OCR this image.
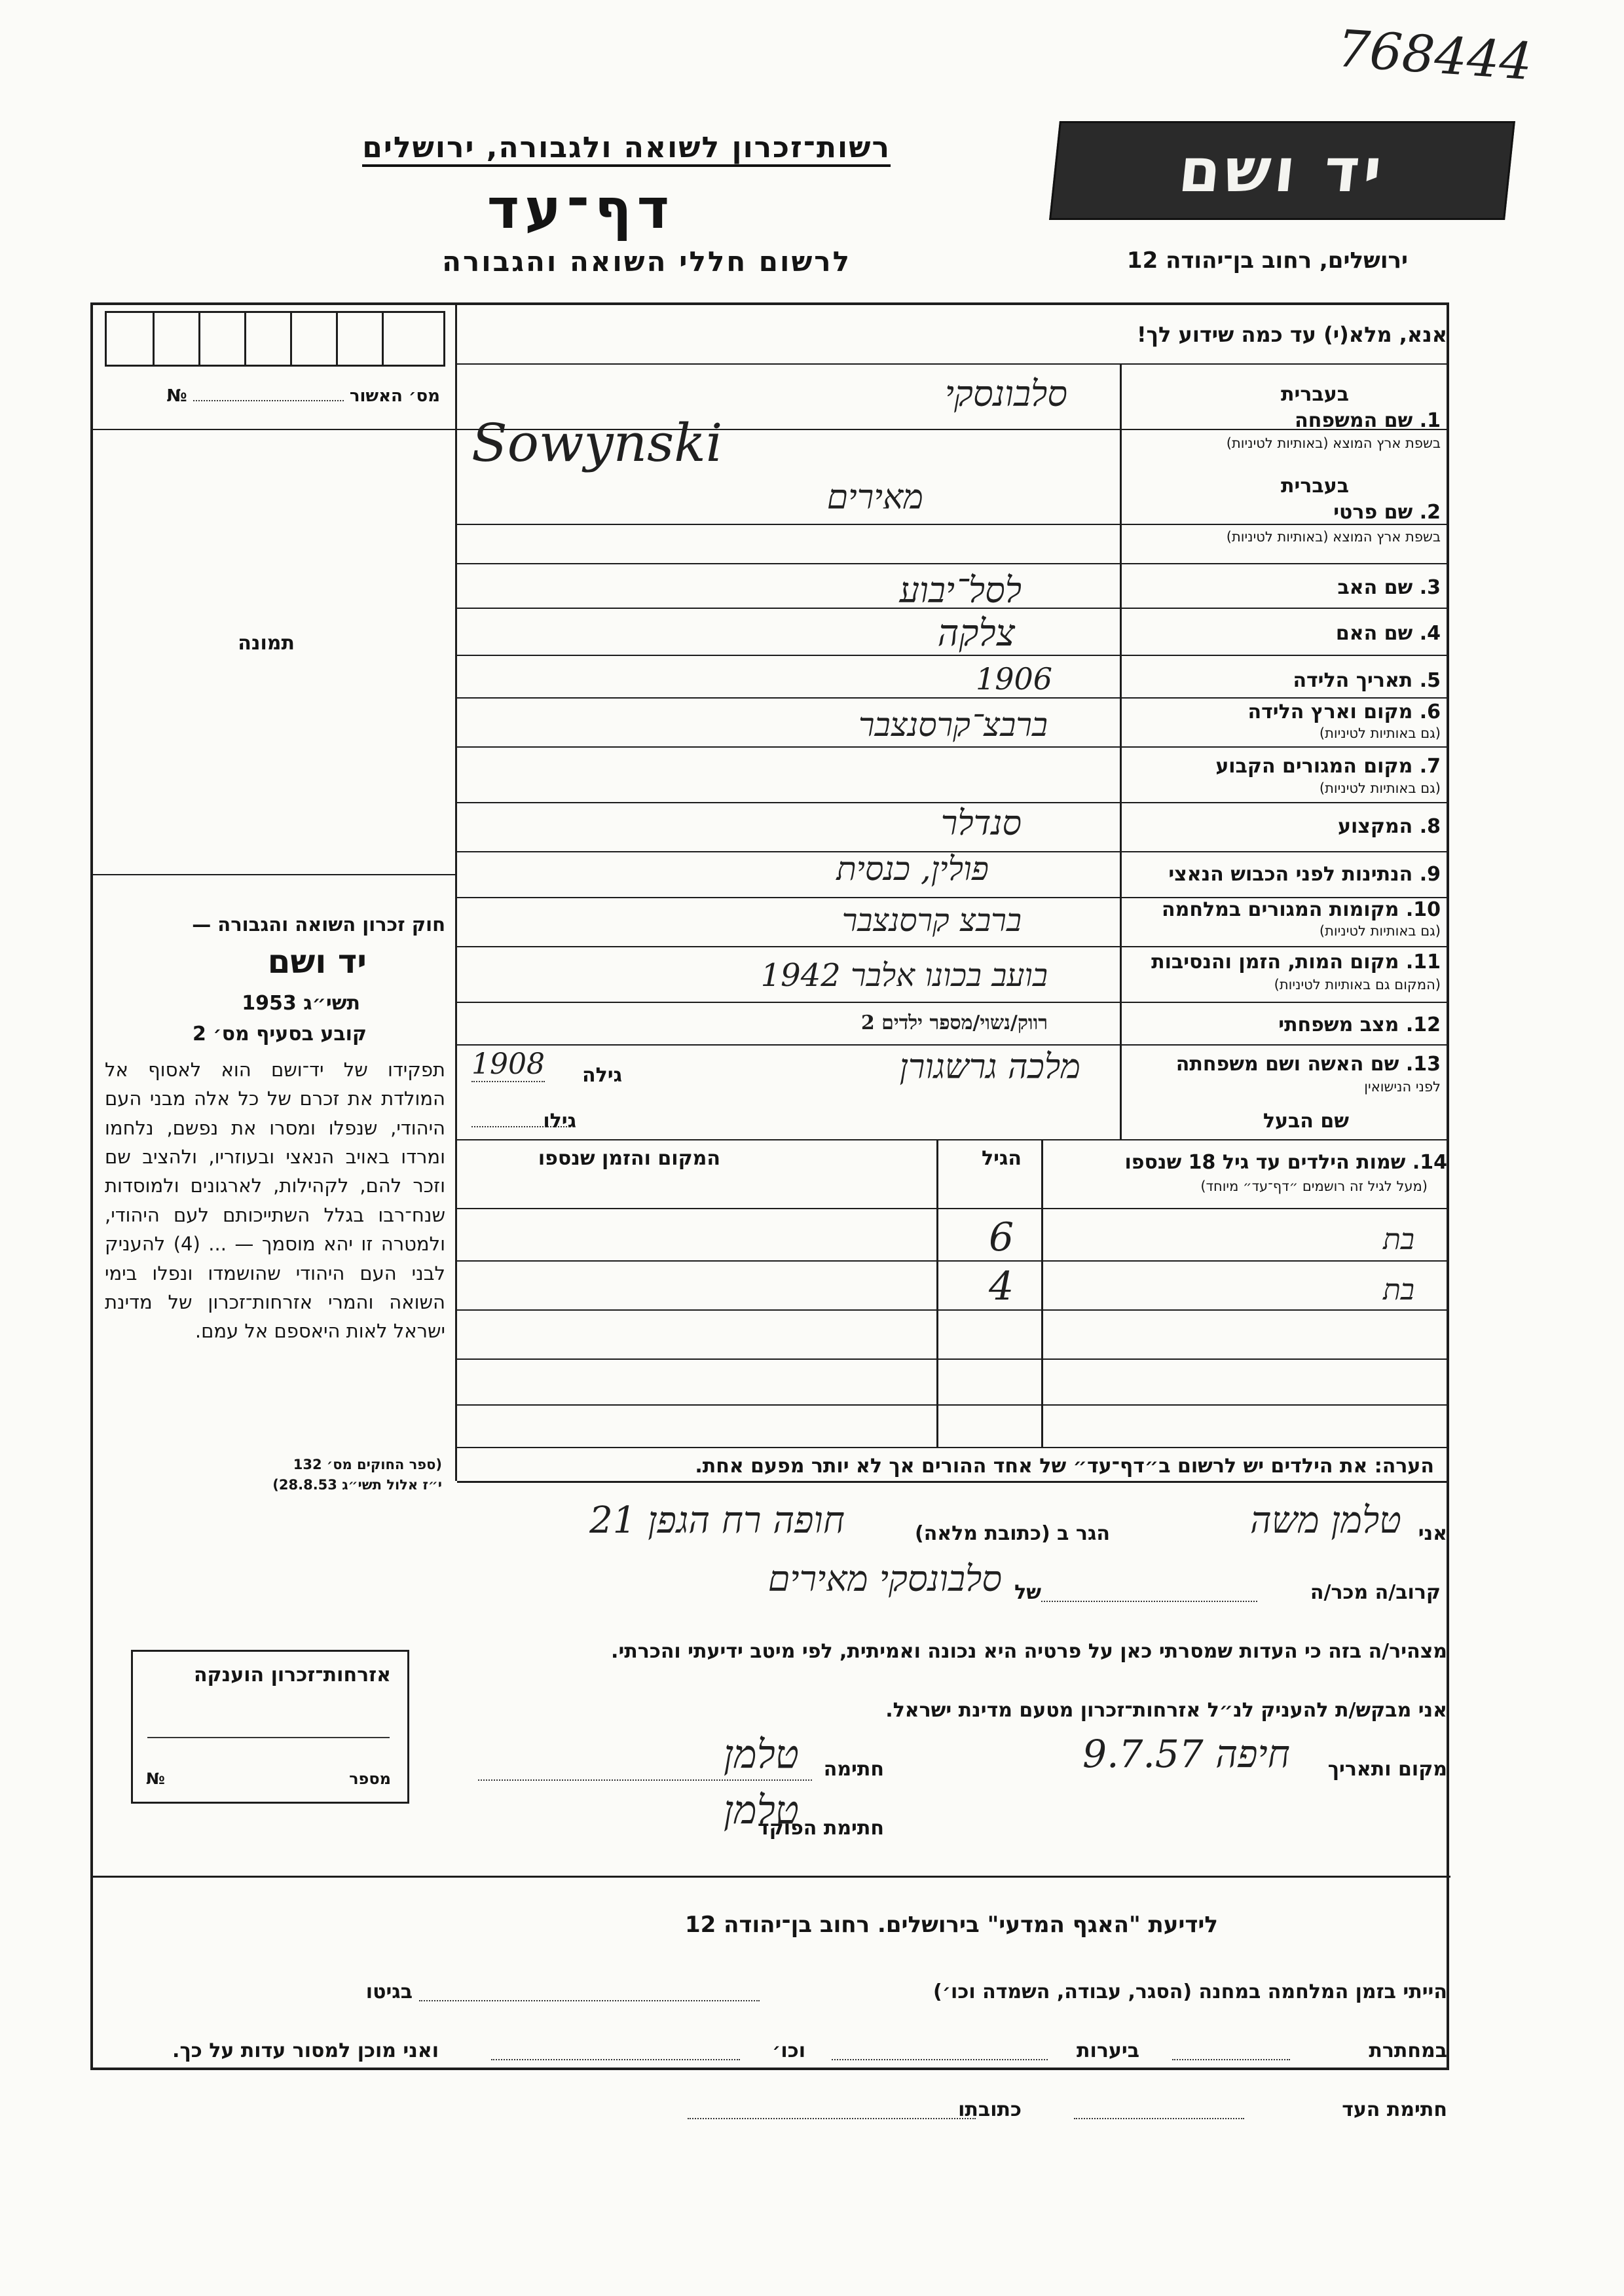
768444
רשות־זכרון לשואה ולגבורה, ירושלים
דף־עד
לרשום חללי השואה והגבורה
יד ושם
ירושלים, רחוב בן־יהודה 12
אנא, מלא(י) עד כמה שידוע לך!
מס׳ האשור  №
תמונה
חוק זכרון השואה והגבורה —
יד ושם
תשי״ג 1953
קובע בסעיף מס׳ 2
תפקידו של יד־ושם הוא לאסוף אל המולדת את זכרם של כל אלה מבני העם היהודי, שנפלו ומסרו את נפשם, נלחמו ומרדו באויב הנאצי ובעוזריו, ולהציב שם וזכר להם, לקהילות, לארגונים ולמוסדות שנח־רבו בגלל השתייכותם לעם היהודי, ולמטרה זו יהא מוסמך — ... (4) להעניק לבני העם היהודי שהושמדו ונפלו בימי השואה והמרי אזרחות־זכרון של מדינת ישראל לאות היאספם אל עמם.
(ספר החוקים מס׳ 132
י״ז אלול תשי״ג 28.8.53)
בעברית
1. שם המשפחה
בשפת ארץ המוצא (באותיות לטיניות)
סלבונסקי
Sowynski
בעברית
2. שם פרטי
בשפת ארץ המוצא (באותיות לטיניות)
מאירים
3. שם האב
לסל־יבוע
4. שם האם
צלקה
5. תאריך הלידה
1906
6. מקום וארץ הלידה
(גם באותיות לטיניות)
ברבצ־קרסנצבר
7. מקום המגורים הקבוע
(גם באותיות לטיניות)
8. המקצוע
סנדלר
9. הנתינות לפני הכבוש הנאצי
פולין, כנסית
10. מקומות המגורים במלחמה
(גם באותיות לטיניות)
ברבצ קרסנצבר
11. מקום המות, הזמן והנסיבות
(המקום גם באותיות לטיניות)
בועב בכונו אלבר 1942
12. מצב משפחתי
רווק/נשוי/מספר ילדים 2
13. שם האשה ושם משפחתה
לפני הנישואין
מלכה גרשגורן
גילה
1908
שם הבעל
גילו
14. שמות הילדים עד גיל 18 שנספו
(מעל לגיל זה רושמים ״דף־עד״ מיוחד)
הגיל
המקום והזמן שנספו
בת
6
בת
4
הערה: את הילדים יש לרשום ב״דף־עד״ של אחד ההורים אך לא יותר מפעם אחת.
אני
טלמן משה
הגר ב (כתובת מלאה)
חופה רח הגפן 21
קרוב/ה מכר/ה
של
סלבונסקי מאירים
מצהיר/ה בזה כי העדות שמסרתי כאן על פרטיה היא נכונה ואמיתית, לפי מיטב ידיעתי והכרתי.
אני מבקש/ת להעניק לנ״ל אזרחות־זכרון מטעם מדינת ישראל.
מקום ותאריך
חיפה 9.7.57
חתימה
טלמן
חתימת הפוקד
טלמן
אזרחות־זכרון הוענקה
מספר
№
לידיעת "האגף המדעי" בירושלים. רחוב בן־יהודה 12
הייתי בזמן המלחמה במחנה (הסגר, עבודה, השמדה וכו׳)
בגיטו
במחתרת
ביערות
וכו׳
ואני מוכן למסור עדות על כך.
חתימת העד
כתובתו
